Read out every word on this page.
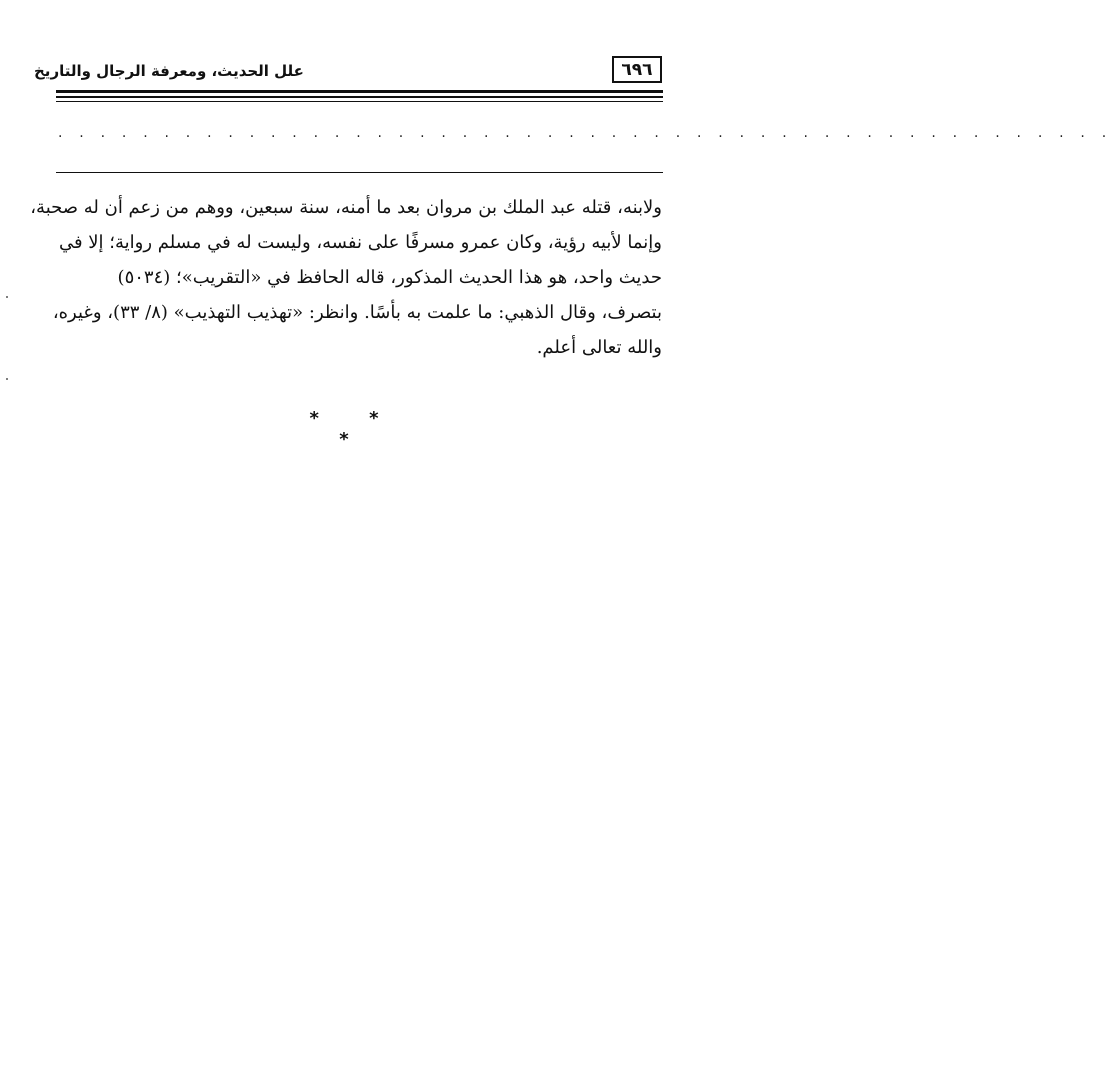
علل الحديث، ومعرفة الرجال والتاريخ	٦٩٦
. . . . . . . . . . . . . . . . . . . . . . . . . . . . . . . . . . . . . . . . . . . . . . . . . .
ولابنه، قتله عبد الملك بن مروان بعد ما أمنه، سنة سبعين، ووهم من زعم أن له صحبة،
وإنما لأبيه رؤية، وكان عمرو مسرفًا على نفسه، وليست له في مسلم رواية؛ إلا في
حديث واحد، هو هذا الحديث المذكور، قاله الحافظ في «التقريب»؛ (٥٠٣٤)
بتصرف، وقال الذهبي: ما علمت به بأسًا. وانظر: «تهذيب التهذيب» (٨/ ٣٣)، وغيره،
والله تعالى أعلم.
* * *
